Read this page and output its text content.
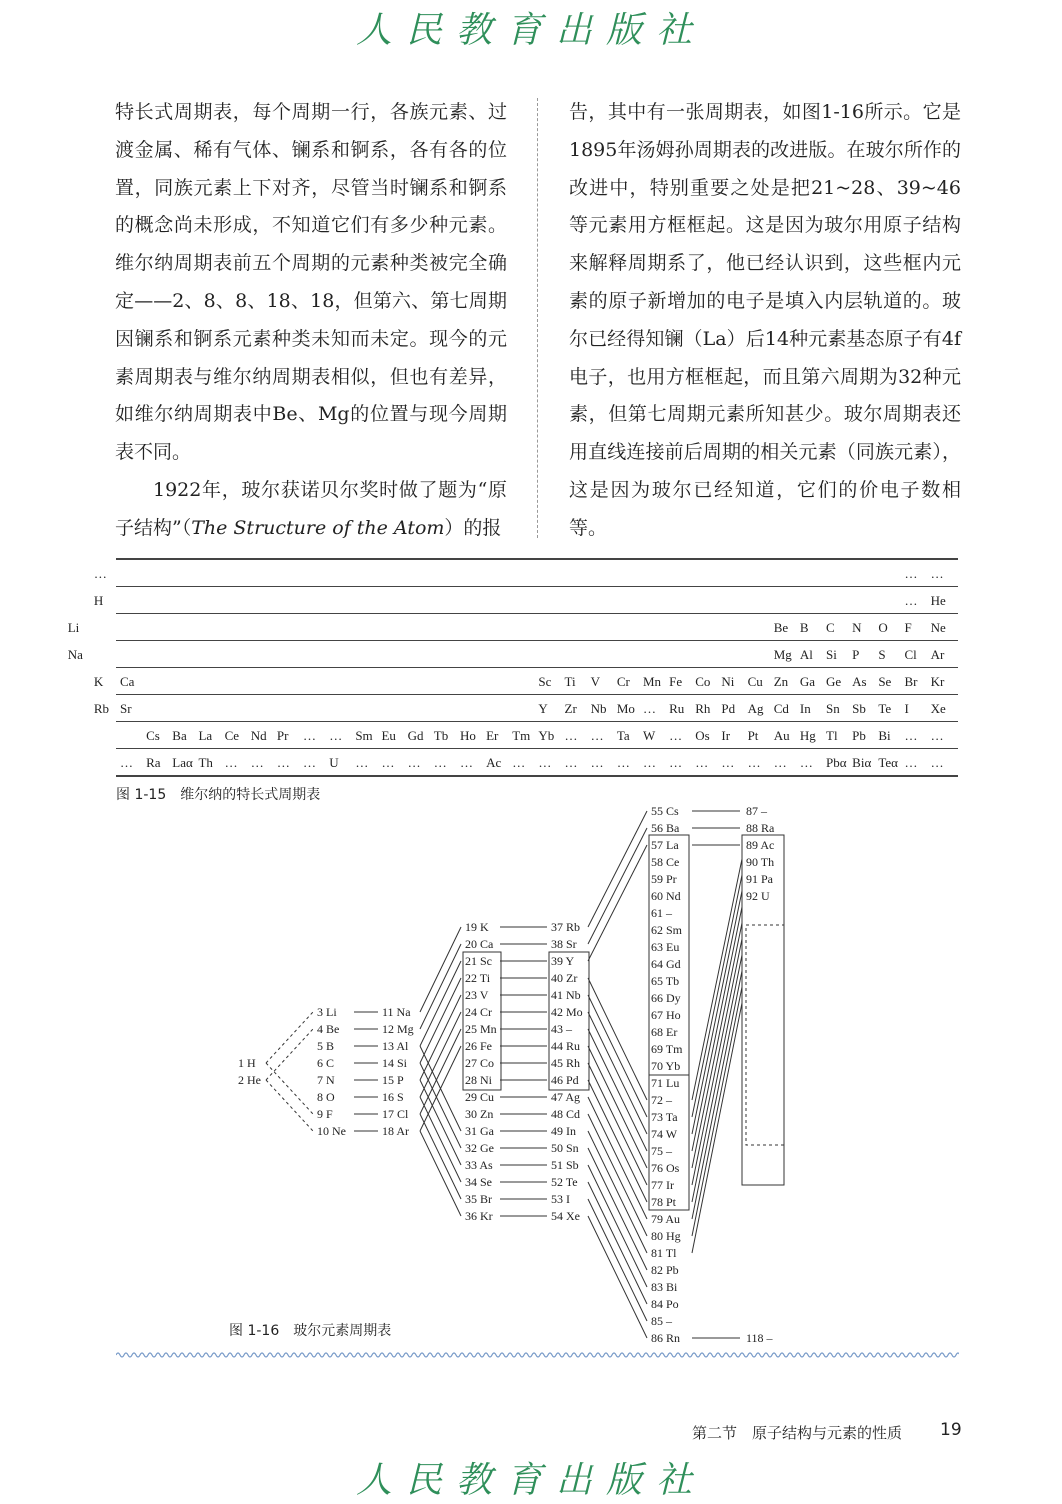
人民教育出版社

特长式周期表，每个周期一行，各族元素、过渡金属、稀有气体、镧系和锕系，各有各的位置，同族元素上下对齐，尽管当时镧系和锕系的概念尚未形成，不知道它们有多少种元素。维尔纳周期表前五个周期的元素种类被完全确定——2、8、8、18、18，但第六、第七周期因镧系和锕系元素种类未知而未定。现今的元素周期表与维尔纳周期表相似，但也有差异，如维尔纳周期表中Be、Mg的位置与现今周期表不同。

1922年，玻尔获诺贝尔奖时做了题为“原子结构”（The Structure of the Atom）的报

告，其中有一张周期表，如图1-16所示。它是1895年汤姆孙周期表的改进版。在玻尔所作的改进中，特别重要之处是把21~28、39~46等元素用方框框起。这是因为玻尔用原子结构来解释周期系了，他已经认识到，这些框内元素的原子新增加的电子是填入内层轨道的。玻尔已经得知镧（La）后14种元素基态原子有4f电子，也用方框框起，而且第六周期为32种元素，但第七周期元素所知甚少。玻尔周期表还用直线连接前后周期的相关元素（同族元素），这是因为玻尔已经知道，它们的价电子数相等。

…	… …
H	… He
Li	Be B C N O F Ne
Na	Mg Al Si P S Cl Ar
K Ca	Sc Ti V Cr Mn Fe Co Ni Cu Zn Ga Ge As Se Br Kr
Rb Sr	Y Zr Nb Mo … Ru Rh Pd Ag Cd In Sn Sb Te I Xe
Cs Ba La Ce Nd Pr … … Sm Eu Gd Tb Ho Er Tm Yb … … Ta W … Os Ir Pt Au Hg Tl Pb Bi … …
… Ra Laα Th … … … … U … … … … … Ac … … … … … … … … … … … … Pbα Biα Teα … …
图 1-15　维尔纳的特长式周期表
1 H
2 He
3 Li
4 Be
5 B
6 C
7 N
8 O
9 F
10 Ne
11 Na
12 Mg
13 Al
14 Si
15 P
16 S
17 Cl
18 Ar
19 K
20 Ca
21 Sc
22 Ti
23 V
24 Cr
25 Mn
26 Fe
27 Co
28 Ni
29 Cu
30 Zn
31 Ga
32 Ge
33 As
34 Se
35 Br
36 Kr
37 Rb
38 Sr
39 Y
40 Zr
41 Nb
42 Mo
43 –
44 Ru
45 Rh
46 Pd
47 Ag
48 Cd
49 In
50 Sn
51 Sb
52 Te
53 I
54 Xe
55 Cs
56 Ba
57 La
58 Ce
59 Pr
60 Nd
61 –
62 Sm
63 Eu
64 Gd
65 Tb
66 Dy
67 Ho
68 Er
69 Tm
70 Yb
71 Lu
72 –
73 Ta
74 W
75 –
76 Os
77 Ir
78 Pt
79 Au
80 Hg
81 Tl
82 Pb
83 Bi
84 Po
85 –
86 Rn
87 –
88 Ra
89 Ac
90 Th
91 Pa
92 U
118 –
图 1-16　玻尔元素周期表
第二节　原子结构与元素的性质 19
人民教育出版社
